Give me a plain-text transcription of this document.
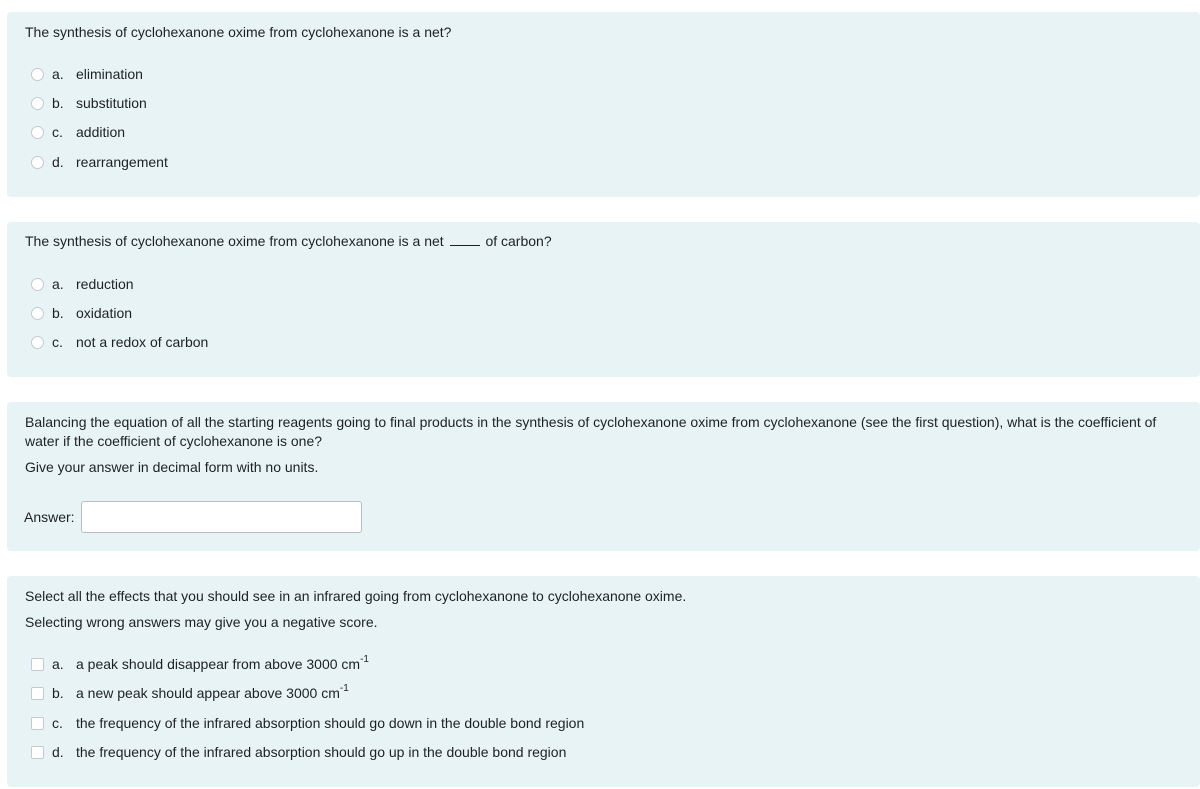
The synthesis of cyclohexanone oxime from cyclohexanone is a net?

a. elimination
b. substitution
c. addition
d. rearrangement

The synthesis of cyclohexanone oxime from cyclohexanone is a net	of carbon?

a. reduction
b. oxidation
c. not a redox of carbon

Balancing the equation of all the starting reagents going to final products in the synthesis of cyclohexanone oxime from cyclohexanone (see the first question), what is the coefficient of water if the coefficient of cyclohexanone is one?

Give your answer in decimal form with no units.

Answer:

Select all the effects that you should see in an infrared going from cyclohexanone to cyclohexanone oxime.

Selecting wrong answers may give you a negative score.

a. a peak should disappear from above 3000 $cm^{-1}$
b. a new peak should appear above 3000 $cm^{-1}$
c. the frequency of the infrared absorption should go down in the double bond region
d. the frequency of the infrared absorption should go up in the double bond region
